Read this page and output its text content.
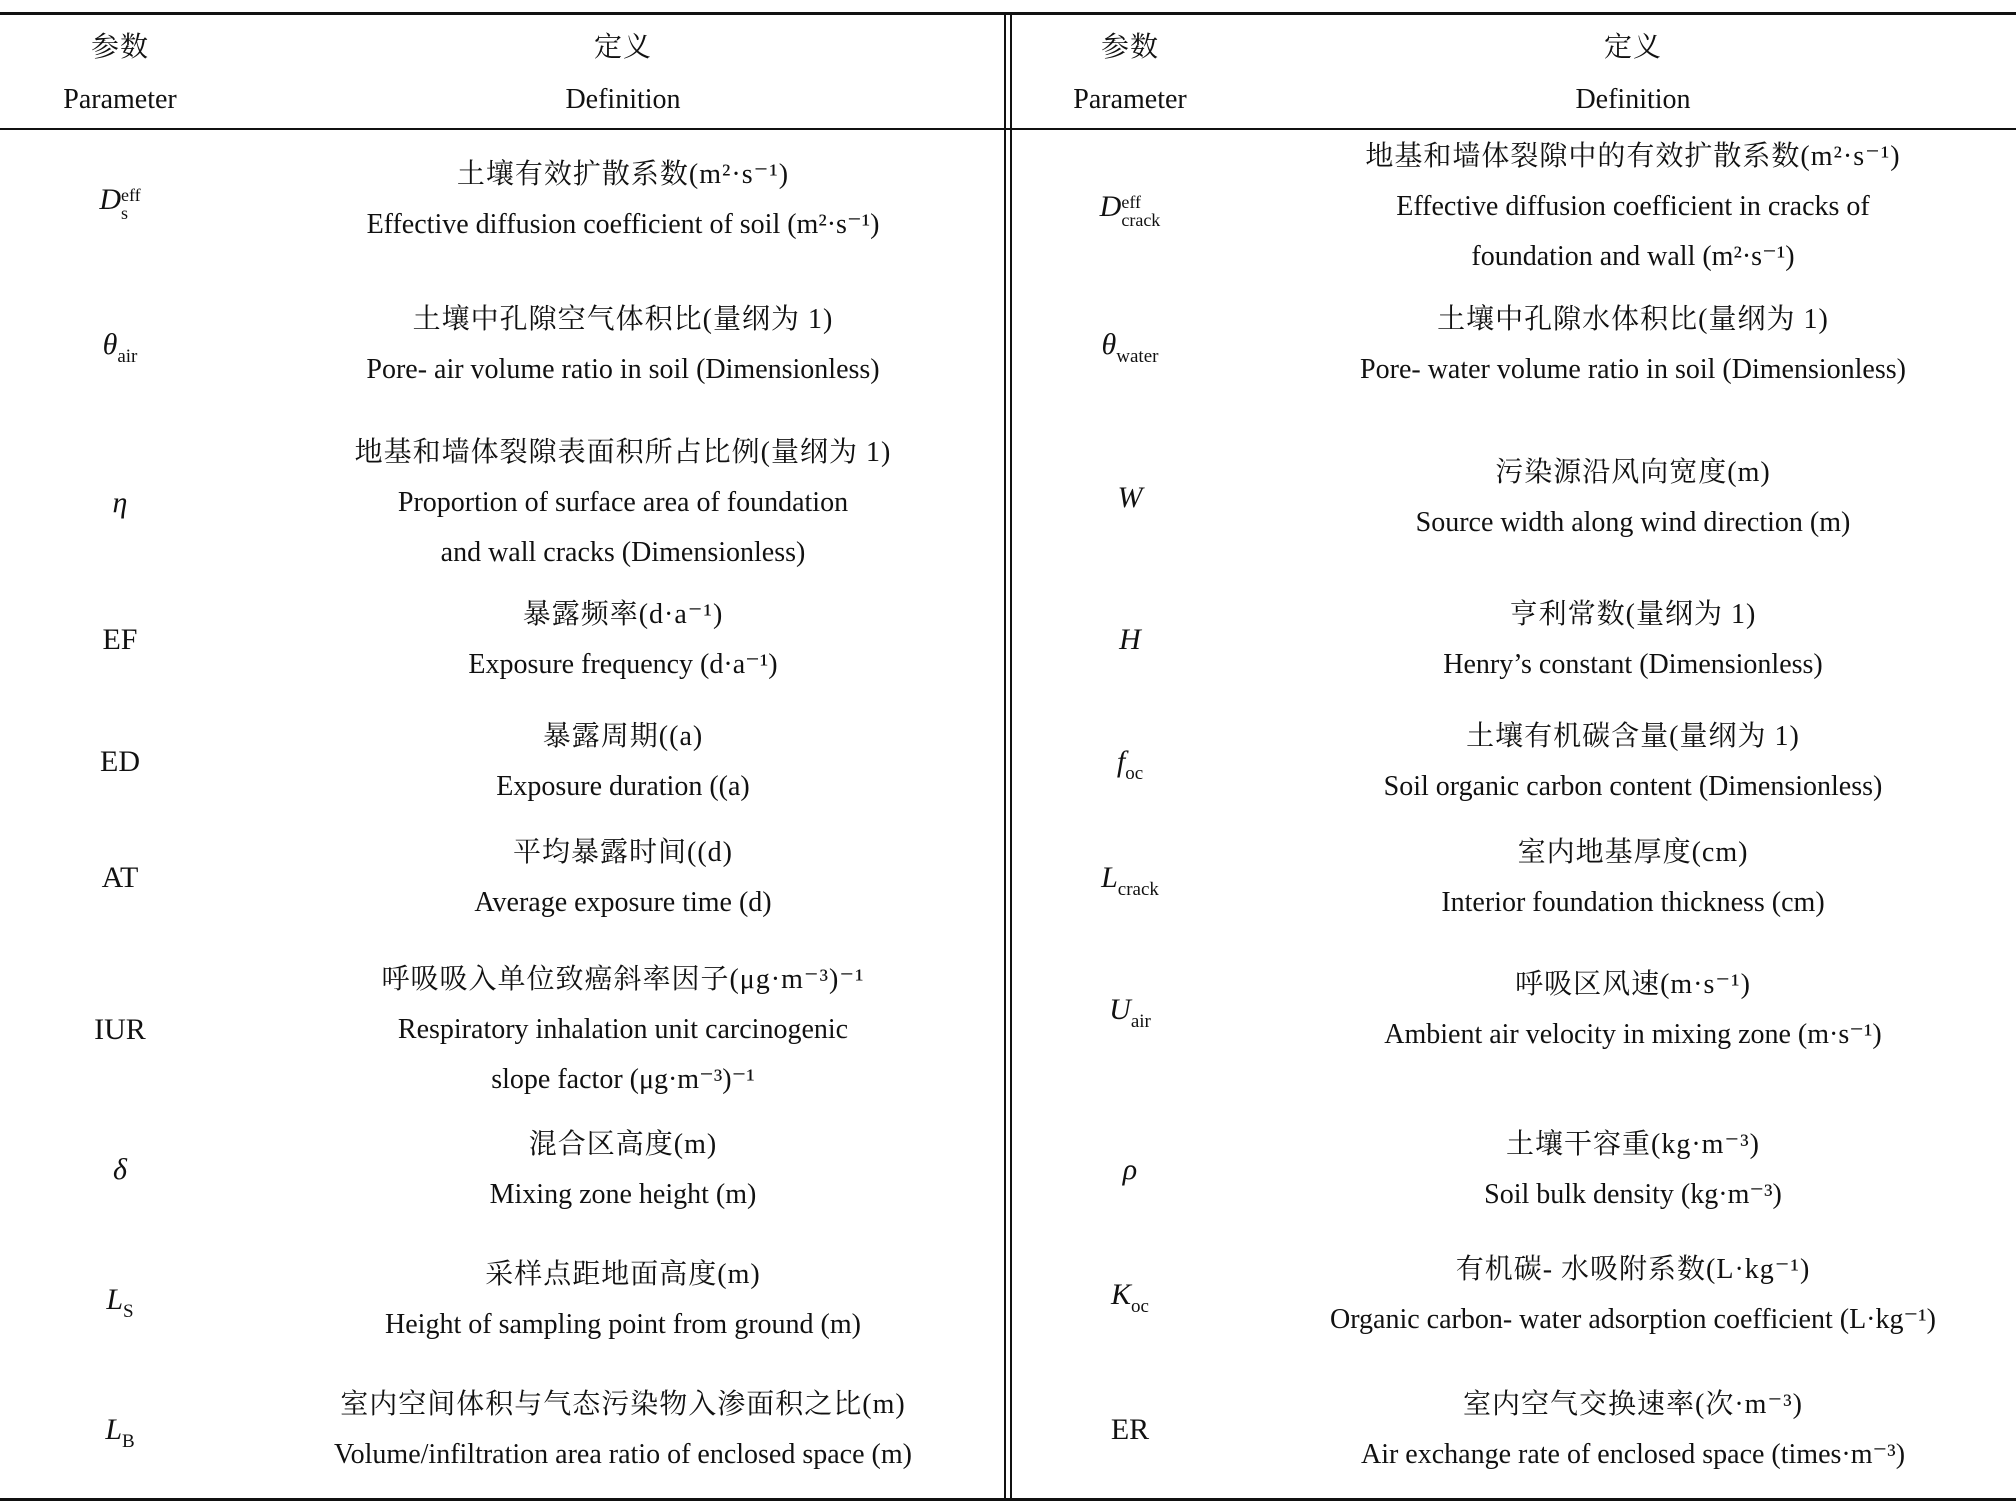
参数
Parameter
定义
Definition
D eff
s
土壤有效扩散系数(m²·s⁻¹)
Effective diffusion coefficient of soil (m²·s⁻¹)
$\theta_{air}$
土壤中孔隙空气体积比(量纲为 1)
Pore- air volume ratio in soil (Dimensionless)
η
地基和墙体裂隙表面积所占比例(量纲为 1)
Proportion of surface area of foundation
and wall cracks (Dimensionless)
EF
暴露频率(d·a⁻¹)
Exposure frequency (d·a⁻¹)
ED
暴露周期((a)
Exposure duration ((a)
AT
平均暴露时间((d)
Average exposure time (d)
IUR
呼吸吸入单位致癌斜率因子(μg·m⁻³)⁻¹
Respiratory inhalation unit carcinogenic
slope factor (μg·m⁻³)⁻¹
δ
混合区高度(m)
Mixing zone height (m)
$L_S$
采样点距地面高度(m)
Height of sampling point from ground (m)
$L_B$
室内空间体积与气态污染物入渗面积之比(m)
Volume/infiltration area ratio of enclosed space (m)
参数
Parameter
定义
Definition
D eff
crack
地基和墙体裂隙中的有效扩散系数(m²·s⁻¹)
Effective diffusion coefficient in cracks of
foundation and wall (m²·s⁻¹)
$\theta_{water}$
土壤中孔隙水体积比(量纲为 1)
Pore- water volume ratio in soil (Dimensionless)
W
污染源沿风向宽度(m)
Source width along wind direction (m)
H
亨利常数(量纲为 1)
Henry’s constant (Dimensionless)
$f_{oc}$
土壤有机碳含量(量纲为 1)
Soil organic carbon content (Dimensionless)
$L_{crack}$
室内地基厚度(cm)
Interior foundation thickness (cm)
$U_{air}$
呼吸区风速(m·s⁻¹)
Ambient air velocity in mixing zone (m·s⁻¹)
ρ
土壤干容重(kg·m⁻³)
Soil bulk density (kg·m⁻³)
$K_{oc}$
有机碳- 水吸附系数(L·kg⁻¹)
Organic carbon- water adsorption coefficient (L·kg⁻¹)
ER
室内空气交换速率(次·m⁻³)
Air exchange rate of enclosed space (times·m⁻³)
